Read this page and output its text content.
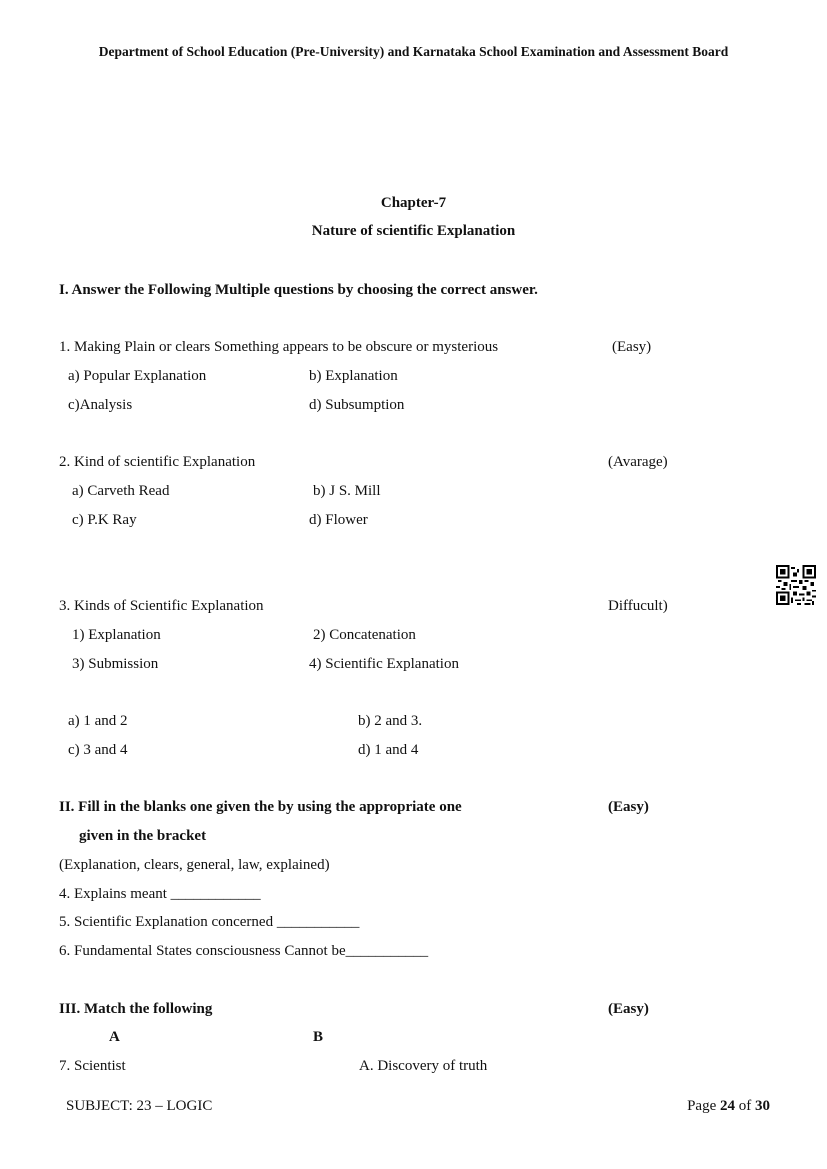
Department of School Education (Pre-University) and Karnataka School Examination and Assessment Board
Chapter-7
Nature of scientific Explanation
I. Answer the Following Multiple questions by choosing the correct answer.
1. Making Plain or clears Something appears to be obscure or mysterious	(Easy)
a) Popular Explanation	b) Explanation
c)Analysis	d) Subsumption
2. Kind of scientific Explanation	(Avarage)
a) Carveth Read	b) J S. Mill
c) P.K Ray	d) Flower
3. Kinds of Scientific Explanation	Diffucult)
1) Explanation	2) Concatenation
3) Submission	4) Scientific Explanation
a) 1 and 2	b) 2 and 3.
c) 3 and 4	d) 1 and 4
II. Fill in the blanks one given the by using the appropriate one	(Easy)
given in the bracket
(Explanation, clears, general, law, explained)
4. Explains meant ____________
5. Scientific Explanation concerned ___________
6. Fundamental States consciousness Cannot be___________
III. Match the following	(Easy)
A	B
7. Scientist	A. Discovery of truth
SUBJECT: 23 – LOGIC	Page 24 of 30
